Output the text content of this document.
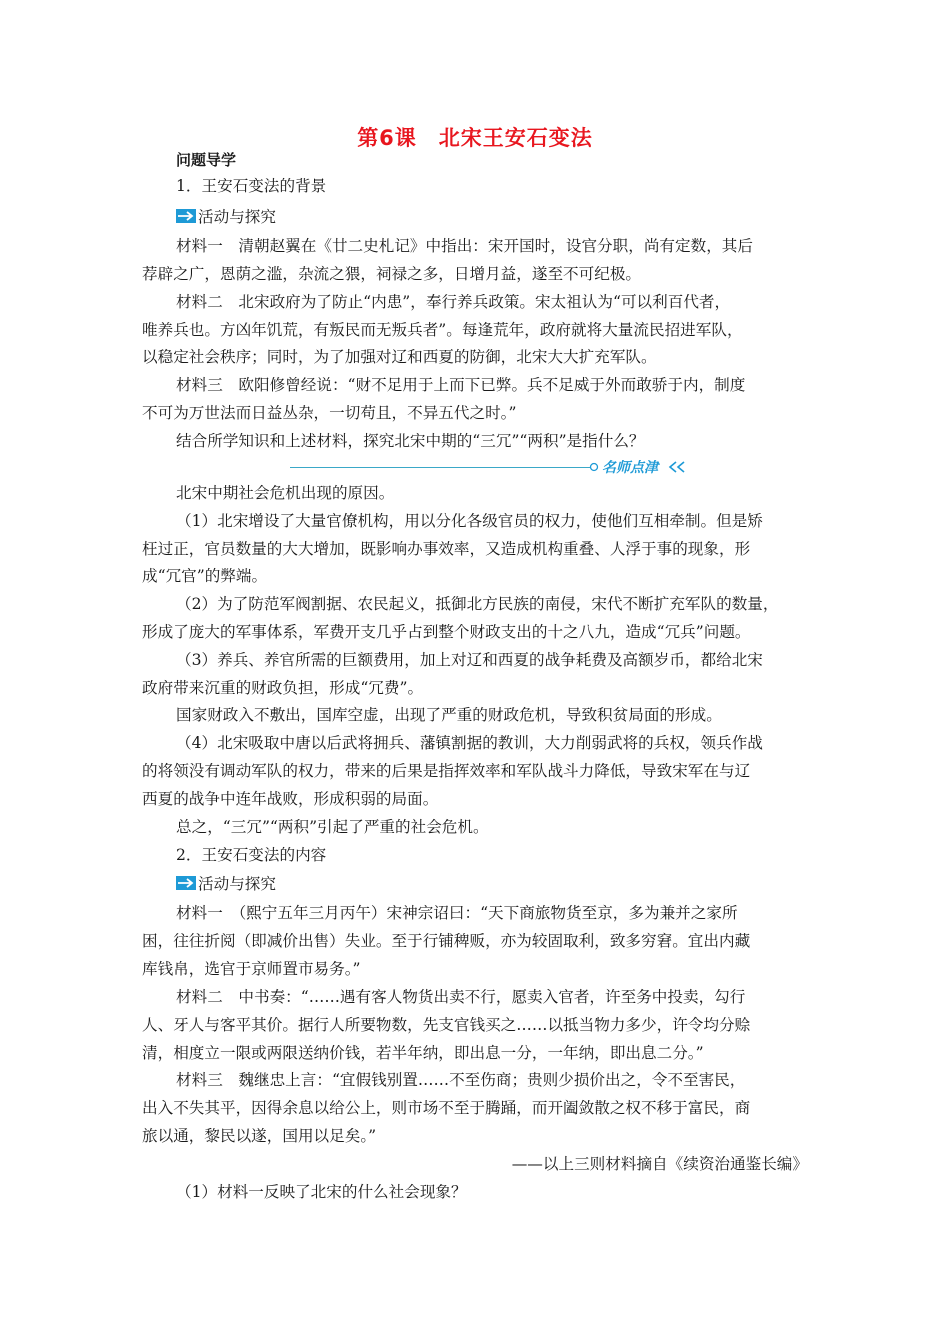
第6课　北宋王安石变法
问题导学
1．王安石变法的背景
活动与探究
材料一　清朝赵翼在《廿二史札记》中指出：宋开国时，设官分职，尚有定数，其后
荐辟之广，恩荫之滥，杂流之猥，祠禄之多，日增月益，遂至不可纪极。
材料二　北宋政府为了防止“内患”，奉行养兵政策。宋太祖认为“可以利百代者，
唯养兵也。方凶年饥荒，有叛民而无叛兵者”。每逢荒年，政府就将大量流民招进军队，
以稳定社会秩序；同时，为了加强对辽和西夏的防御，北宋大大扩充军队。
材料三　欧阳修曾经说：“财不足用于上而下已弊。兵不足威于外而敢骄于内，制度
不可为万世法而日益丛杂，一切苟且，不异五代之时。”
结合所学知识和上述材料，探究北宋中期的“三冗”“两积”是指什么？
名师点津
北宋中期社会危机出现的原因。
（1）北宋增设了大量官僚机构，用以分化各级官员的权力，使他们互相牵制。但是矫
枉过正，官员数量的大大增加，既影响办事效率，又造成机构重叠、人浮于事的现象，形
成“冗官”的弊端。
（2）为了防范军阀割据、农民起义，抵御北方民族的南侵，宋代不断扩充军队的数量，
形成了庞大的军事体系，军费开支几乎占到整个财政支出的十之八九，造成“冗兵”问题。
（3）养兵、养官所需的巨额费用，加上对辽和西夏的战争耗费及高额岁币，都给北宋
政府带来沉重的财政负担，形成“冗费”。
国家财政入不敷出，国库空虚，出现了严重的财政危机，导致积贫局面的形成。
（4）北宋吸取中唐以后武将拥兵、藩镇割据的教训，大力削弱武将的兵权，领兵作战
的将领没有调动军队的权力，带来的后果是指挥效率和军队战斗力降低，导致宋军在与辽
西夏的战争中连年战败，形成积弱的局面。
总之，“三冗”“两积”引起了严重的社会危机。
2．王安石变法的内容
活动与探究
材料一　（熙宁五年三月丙午）宋神宗诏曰：“天下商旅物货至京，多为兼并之家所
困，往往折阅（即减价出售）失业。至于行铺稗贩，亦为较固取利，致多穷窘。宜出内藏
库钱帛，选官于京师置市易务。”
材料二　中书奏：“……遇有客人物货出卖不行，愿卖入官者，许至务中投卖，勾行
人、牙人与客平其价。据行人所要物数，先支官钱买之……以抵当物力多少，许令均分赊
清，相度立一限或两限送纳价钱，若半年纳，即出息一分，一年纳，即出息二分。”
材料三　魏继忠上言：“宜假钱别置……不至伤商；贵则少损价出之，令不至害民，
出入不失其平，因得余息以给公上，则市场不至于腾踊，而开阖敛散之权不移于富民，商
旅以通，黎民以遂，国用以足矣。”
——以上三则材料摘自《续资治通鉴长编》
（1）材料一反映了北宋的什么社会现象？
